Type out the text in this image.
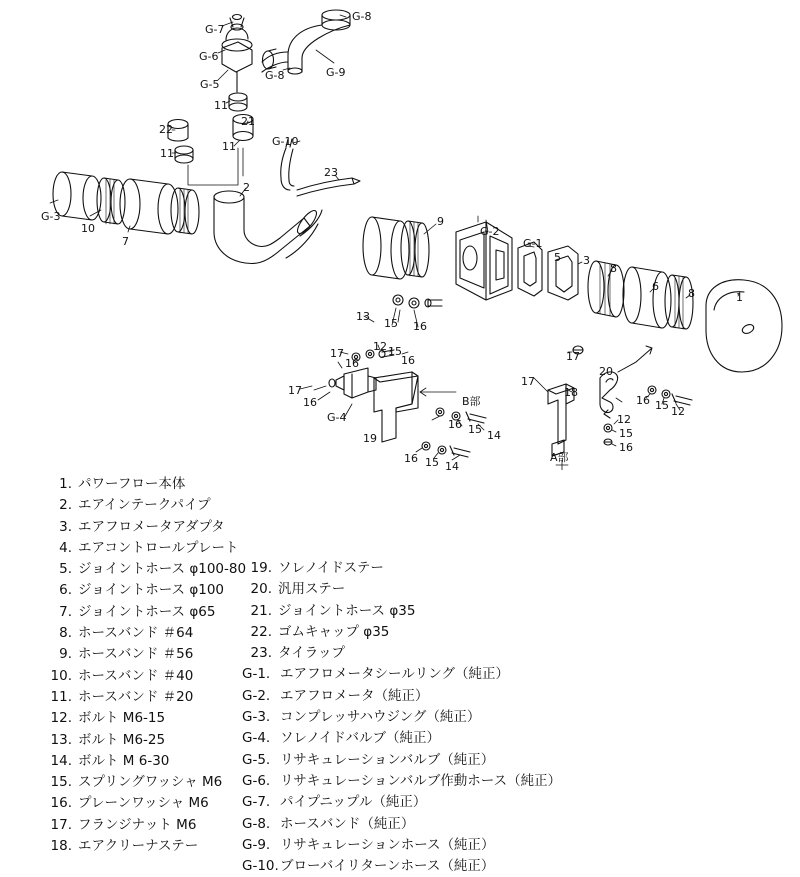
G-7
G-8
G-6
G-5
G-8	G-9
11
21
22
11
11
G-10
23
2
G-3
10
7
9
G-2
G-1
5 3
8
6
8	1
13
15 16
17
20
17
12 15
16
16
17
16
17
18
16 15 12
12
15
16
B部
G-4
19
16 15 14
16 15 14
A部
1. パワーフロー本体
2. エアインテークパイプ
3. エアフロメータアダプタ
4. エアコントロールプレート
5. ジョイントホース φ100-80
6. ジョイントホース φ100
7. ジョイントホース φ65
8. ホースバンド ＃64
9. ホースバンド ＃56
10. ホースバンド ＃40
11. ホースバンド ＃20
12. ボルト M6-15
13. ボルト M6-25
14. ボルト M 6-30
15. スプリングワッシャ M6
16. プレーンワッシャ M6
17. フランジナット M6
18. エアクリーナステー
19. ソレノイドステー
20. 汎用ステー
21. ジョイントホース φ35
22. ゴムキャップ φ35
23. タイラップ
G-1. エアフロメータシールリング（純正）
G-2. エアフロメータ（純正）
G-3. コンプレッサハウジング（純正）
G-4. ソレノイドバルブ（純正）
G-5. リサキュレーションバルブ（純正）
G-6. リサキュレーションバルブ作動ホース（純正）
G-7. パイプニップル（純正）
G-8. ホースバンド（純正）
G-9. リサキュレーションホース（純正）
G-10. ブローバイリターンホース（純正）
